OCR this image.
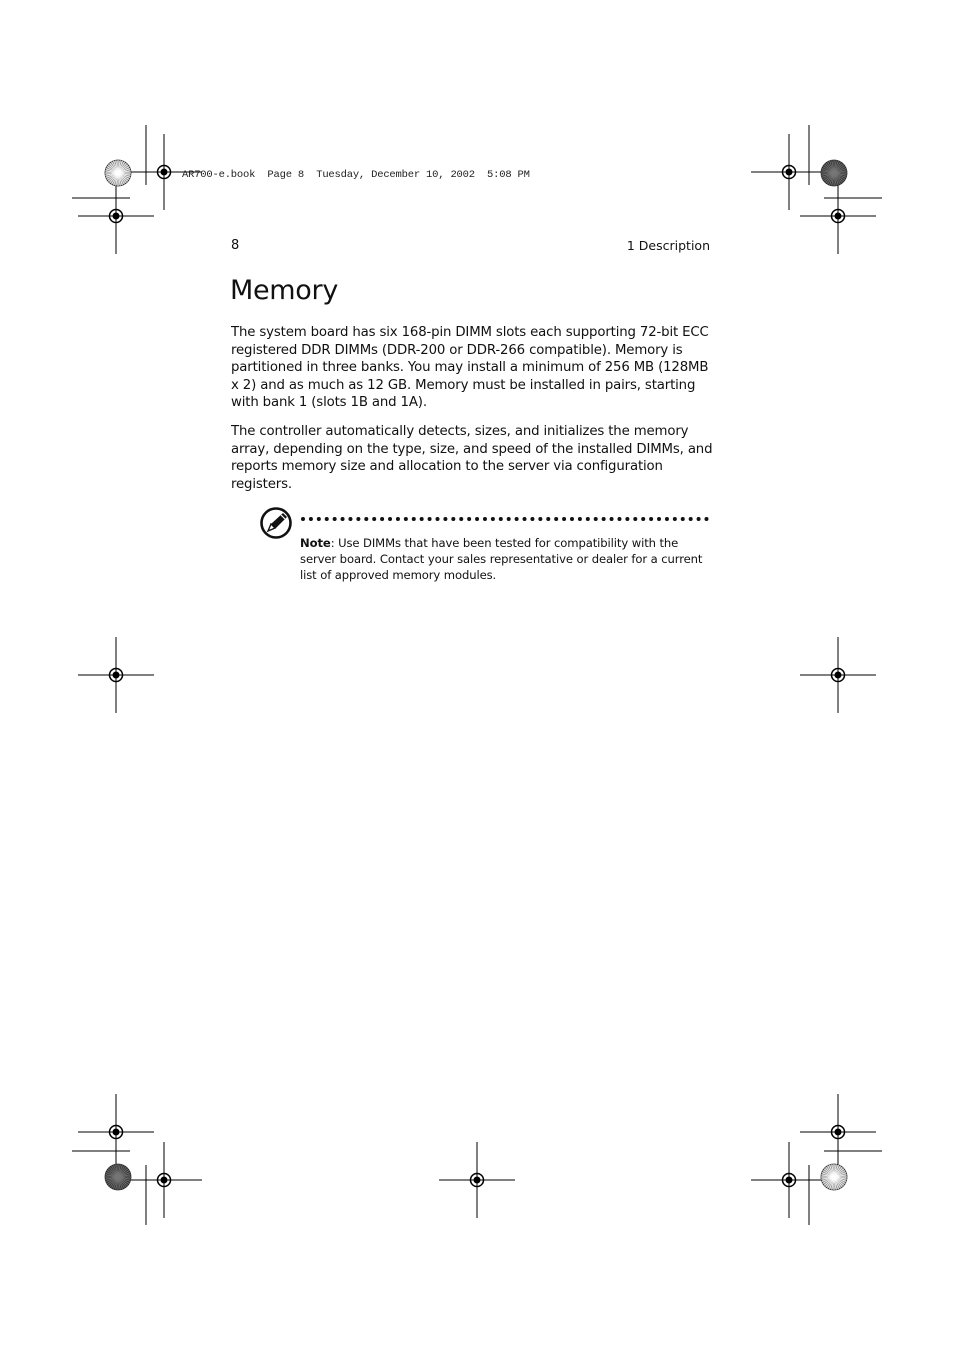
AR700-e.book  Page 8  Tuesday, December 10, 2002  5:08 PM
8	1 Description
Memory

The system board has six 168-pin DIMM slots each supporting 72-bit ECC registered DDR DIMMs (DDR-200 or DDR-266 compatible). Memory is partitioned in three banks. You may install a minimum of 256 MB (128MB x 2) and as much as 12 GB. Memory must be installed in pairs, starting with bank 1 (slots 1B and 1A).

The controller automatically detects, sizes, and initializes the memory array, depending on the type, size, and speed of the installed DIMMs, and reports memory size and allocation to the server via configuration registers.

Note: Use DIMMs that have been tested for compatibility with the server board. Contact your sales representative or dealer for a current list of approved memory modules.
